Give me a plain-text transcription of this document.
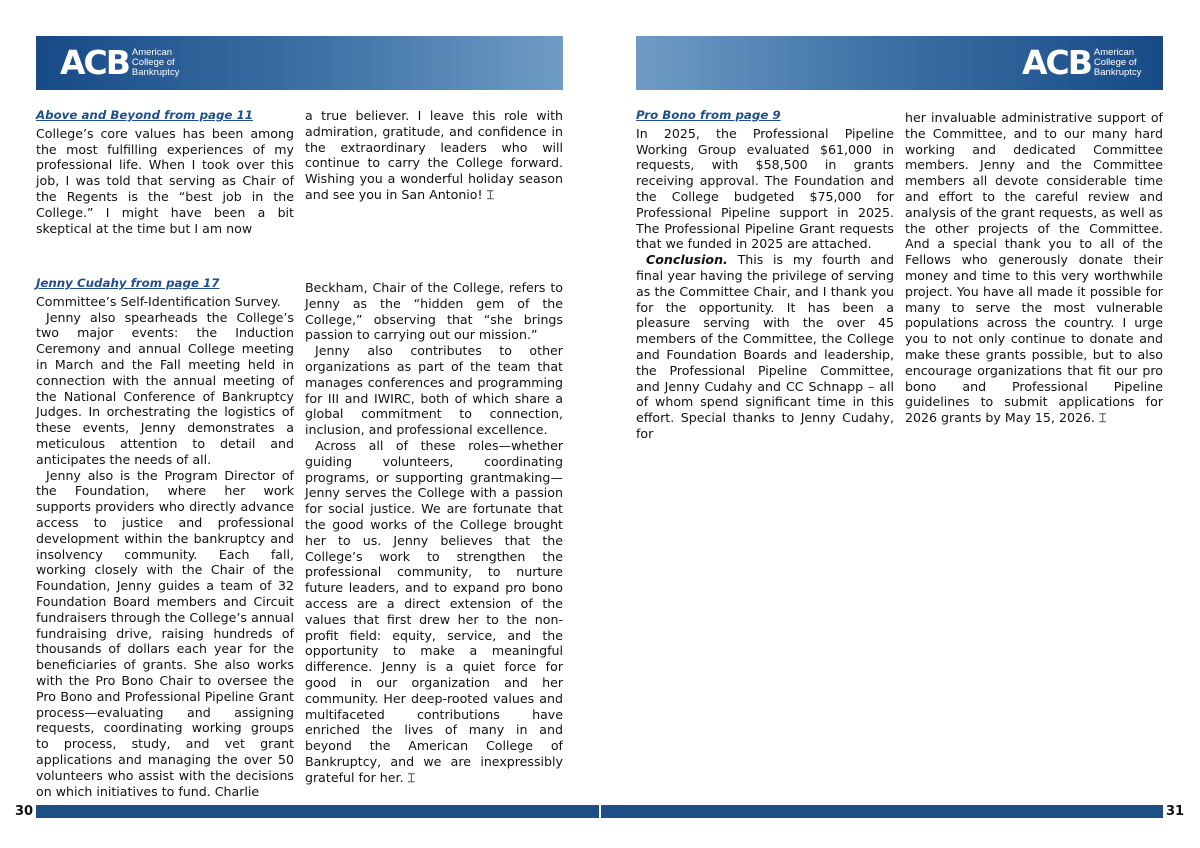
ACB American
College of
Bankruptcy	ACB American
College of
Bankruptcy
Above and Beyond from page 11

College’s core values has been among the most fulfilling experiences of my professional life. When I took over this job, I was told that serving as Chair of the Regents is the “best job in the College.” I might have been a bit skeptical at the time but I am now

a true believer. I leave this role with admiration, gratitude, and confidence in the extraordinary leaders who will continue to carry the College forward. Wishing you a wonderful holiday season and see you in San Antonio! ⌶

Jenny Cudahy from page 17

Committee’s Self-Identification Survey.

Jenny also spearheads the College’s two major events: the Induction Ceremony and annual College meeting in March and the Fall meeting held in connection with the annual meeting of the National Conference of Bankruptcy Judges. In orchestrating the logistics of these events, Jenny demonstrates a meticulous attention to detail and anticipates the needs of all.

Jenny also is the Program Director of the Foundation, where her work supports providers who directly advance access to justice and professional development within the bankruptcy and insolvency community. Each fall, working closely with the Chair of the Foundation, Jenny guides a team of 32 Foundation Board members and Circuit fundraisers through the College’s annual fundraising drive, raising hundreds of thousands of dollars each year for the beneficiaries of grants. She also works with the Pro Bono Chair to oversee the Pro Bono and Professional Pipeline Grant process—evaluating and assigning requests, coordinating working groups to process, study, and vet grant applications and managing the over 50 volunteers who assist with the decisions on which initiatives to fund. Charlie

Beckham, Chair of the College, refers to Jenny as the “hidden gem of the College,” observing that “she brings passion to carrying out our mission.”

Jenny also contributes to other organizations as part of the team that manages conferences and programming for III and IWIRC, both of which share a global commitment to connection, inclusion, and professional excellence.

Across all of these roles—whether guiding volunteers, coordinating programs, or supporting grantmaking—Jenny serves the College with a passion for social justice. We are fortunate that the good works of the College brought her to us. Jenny believes that the College’s work to strengthen the professional community, to nurture future leaders, and to expand pro bono access are a direct extension of the values that first drew her to the non-profit field: equity, service, and the opportunity to make a meaningful difference. Jenny is a quiet force for good in our organization and her community. Her deep-rooted values and multifaceted contributions have enriched the lives of many in and beyond the American College of Bankruptcy, and we are inexpressibly grateful for her. ⌶

Pro Bono from page 9

In 2025, the Professional Pipeline Working Group evaluated $61,000 in requests, with $58,500 in grants receiving approval. The Foundation and the College budgeted $75,000 for Professional Pipeline support in 2025. The Professional Pipeline Grant requests that we funded in 2025 are attached.

Conclusion. This is my fourth and final year having the privilege of serving as the Committee Chair, and I thank you for the opportunity. It has been a pleasure serving with the over 45 members of the Committee, the College and Foundation Boards and leadership, the Professional Pipeline Committee, and Jenny Cudahy and CC Schnapp – all of whom spend significant time in this effort. Special thanks to Jenny Cudahy, for

her invaluable administrative support of the Committee, and to our many hard working and dedicated Committee members. Jenny and the Committee members all devote considerable time and effort to the careful review and analysis of the grant requests, as well as the other projects of the Committee. And a special thank you to all of the Fellows who generously donate their money and time to this very worthwhile project. You have all made it possible for many to serve the most vulnerable populations across the country. I urge you to not only continue to donate and make these grants possible, but to also encourage organizations that fit our pro bono and Professional Pipeline guidelines to submit applications for 2026 grants by May 15, 2026. ⌶

30	31
